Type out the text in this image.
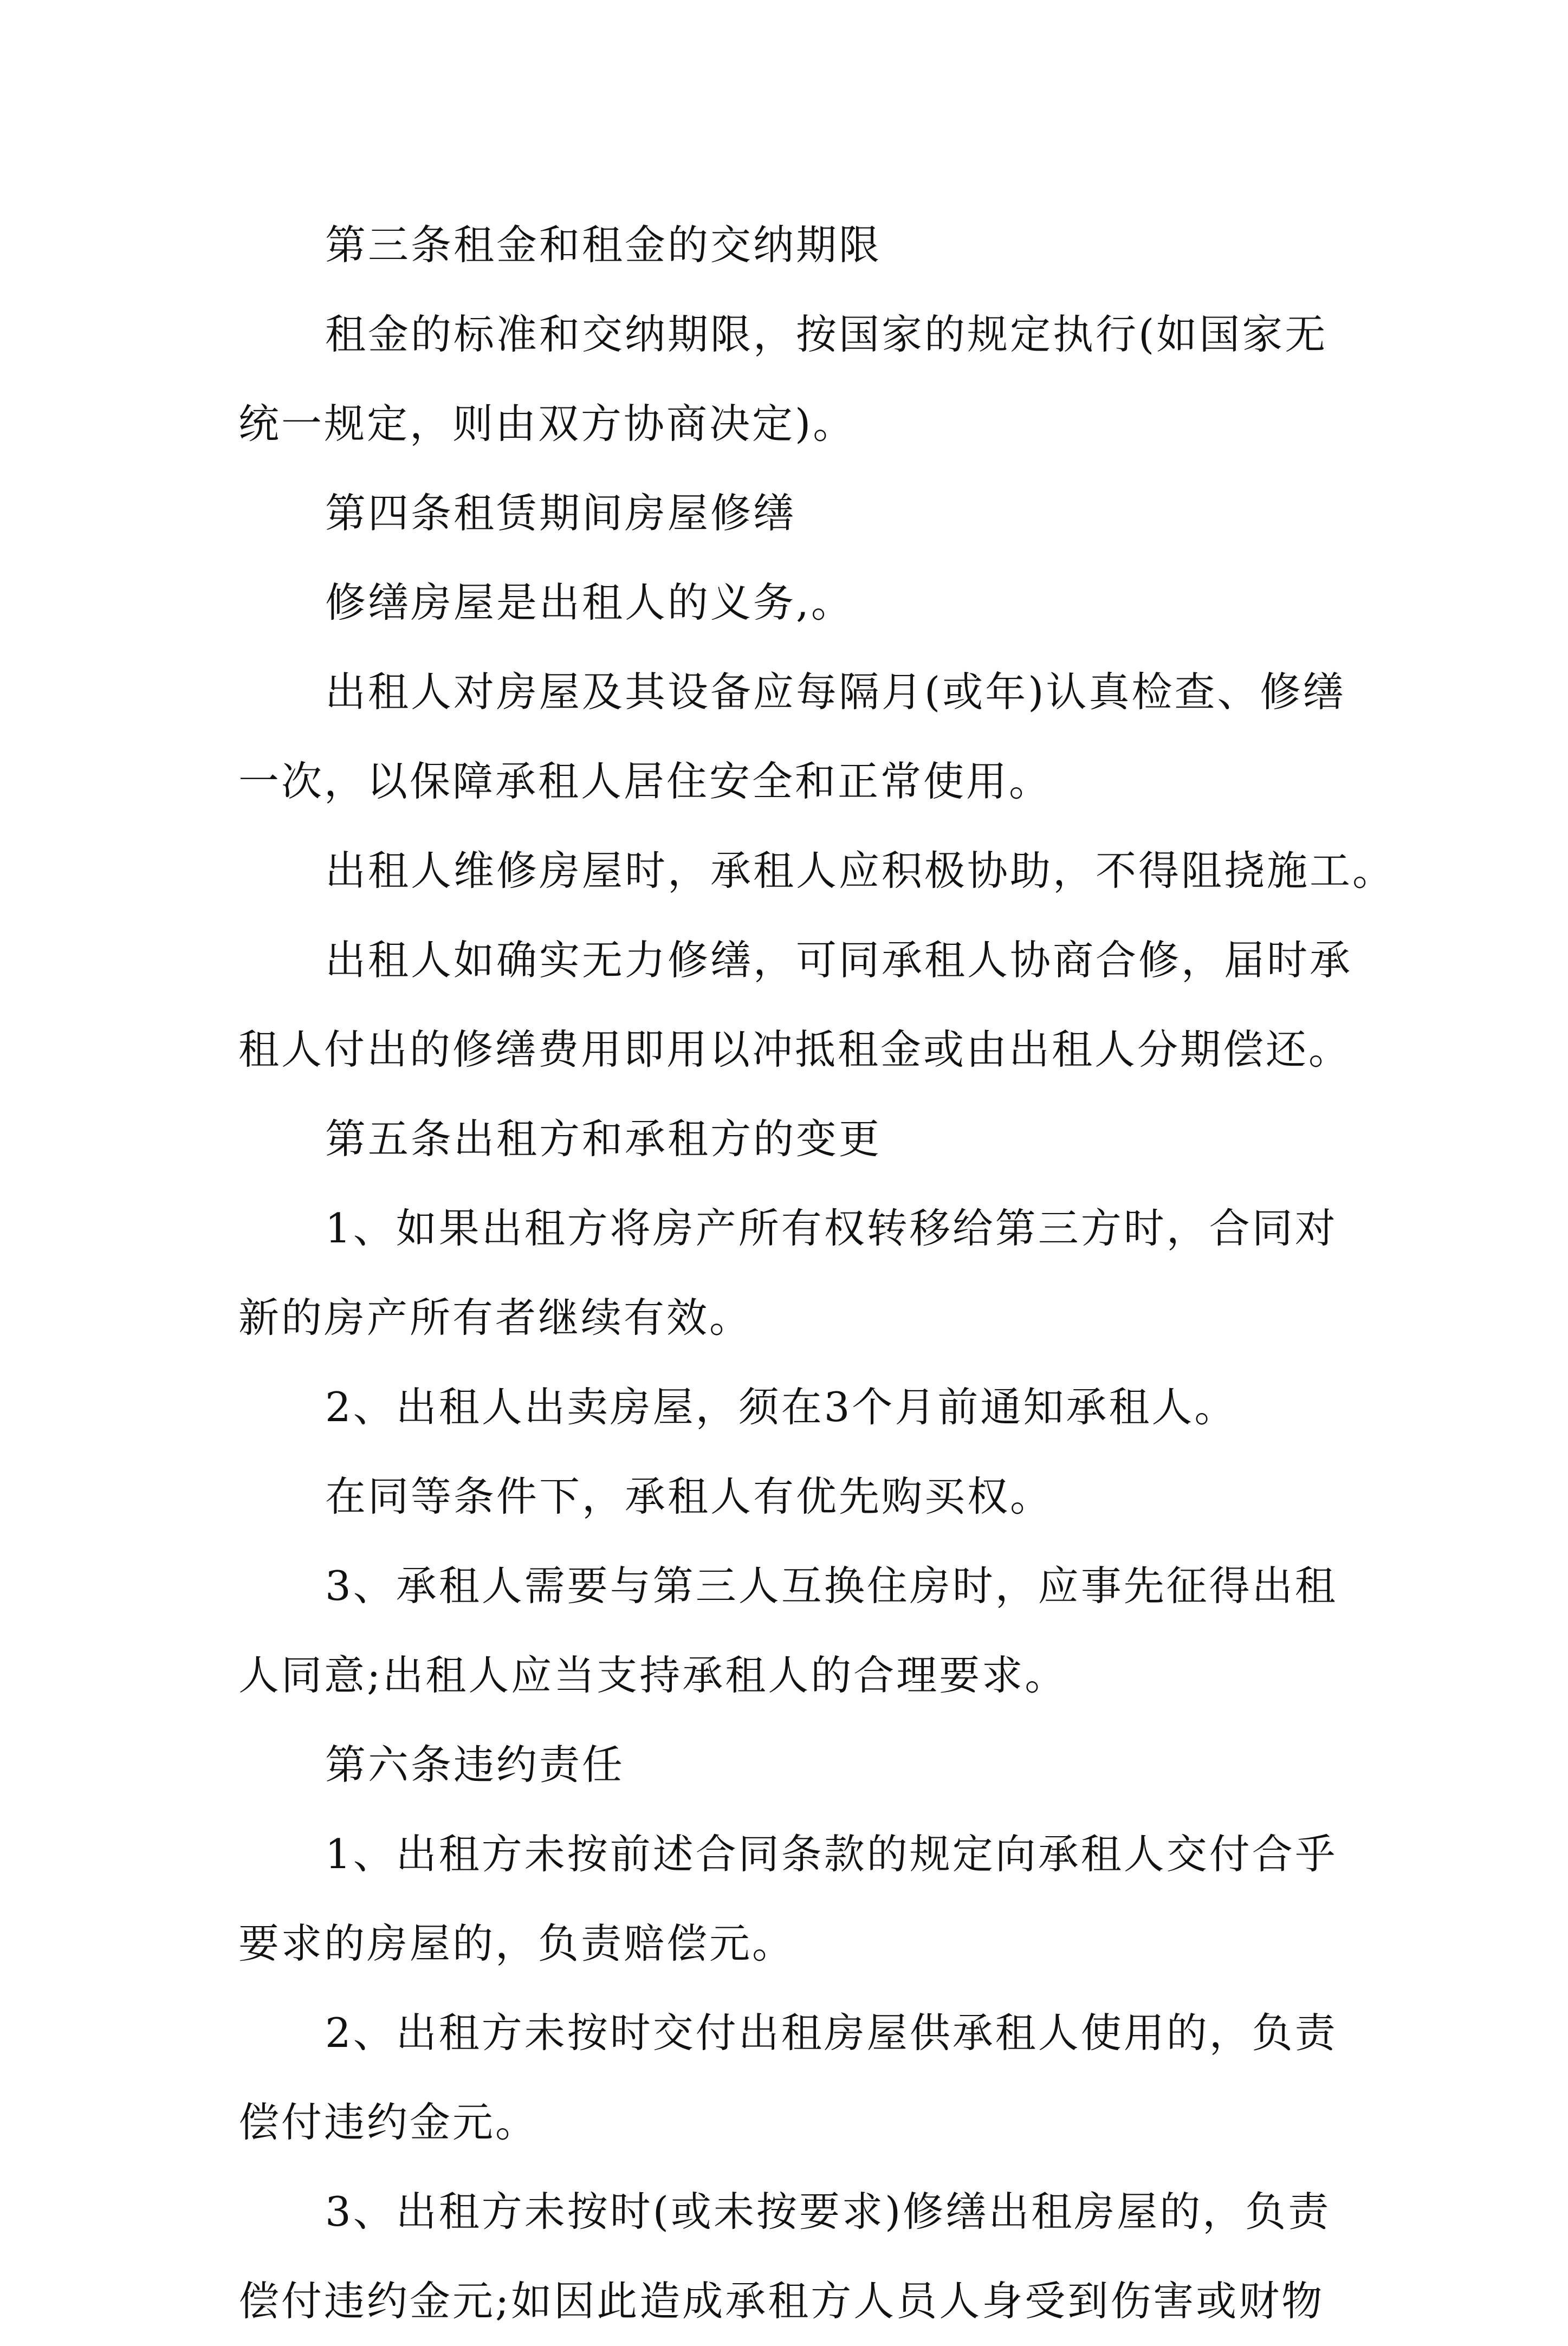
第三条租金和租金的交纳期限
租金的标准和交纳期限，按国家的规定执行(如国家无
统一规定，则由双方协商决定)。
第四条租赁期间房屋修缮
修缮房屋是出租人的义务,。
出租人对房屋及其设备应每隔月(或年)认真检查、修缮
一次，以保障承租人居住安全和正常使用。
出租人维修房屋时，承租人应积极协助，不得阻挠施工。
出租人如确实无力修缮，可同承租人协商合修，届时承
租人付出的修缮费用即用以冲抵租金或由出租人分期偿还。
第五条出租方和承租方的变更
1、如果出租方将房产所有权转移给第三方时，合同对
新的房产所有者继续有效。
2、出租人出卖房屋，须在3个月前通知承租人。
在同等条件下，承租人有优先购买权。
3、承租人需要与第三人互换住房时，应事先征得出租
人同意;出租人应当支持承租人的合理要求。
第六条违约责任
1、出租方未按前述合同条款的规定向承租人交付合乎
要求的房屋的，负责赔偿元。
2、出租方未按时交付出租房屋供承租人使用的，负责
偿付违约金元。
3、出租方未按时(或未按要求)修缮出租房屋的，负责
偿付违约金元;如因此造成承租方人员人身受到伤害或财物
